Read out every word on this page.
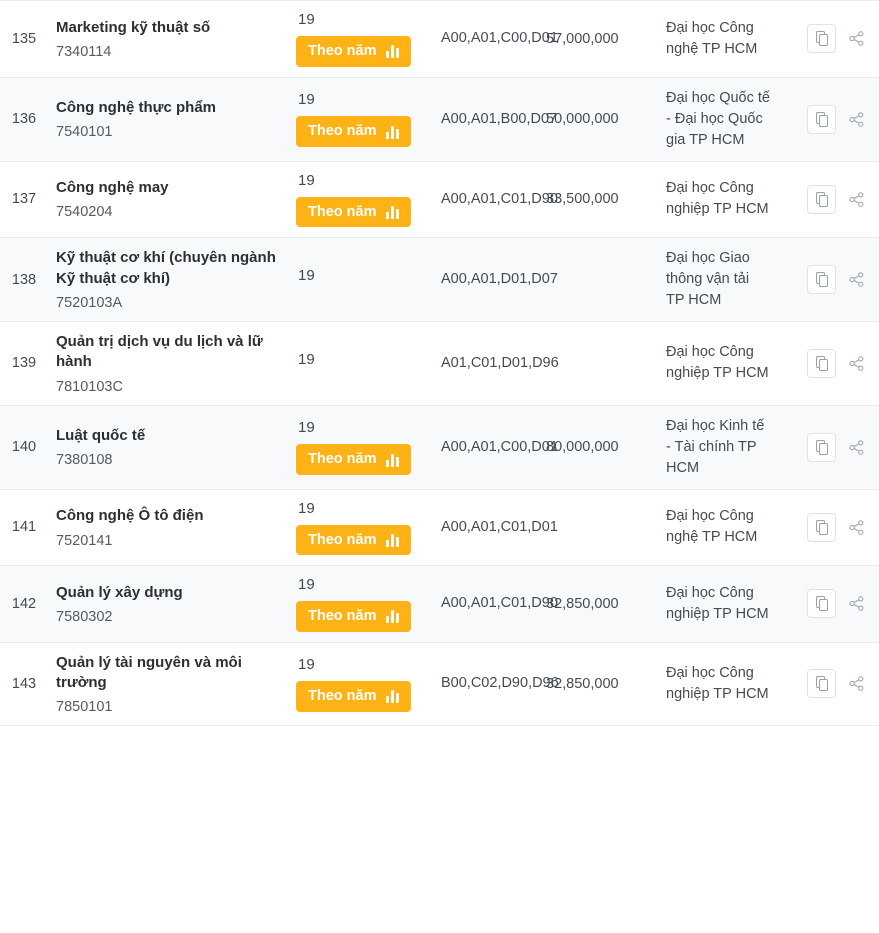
135	
Marketing kỹ thuật số
7340114

19
Theo năm
	A00,A01,C00,D01	57,000,000	Đại học Công nghệ TP HCM	

136	
Công nghệ thực phẩm
7540101

19
Theo năm
	A00,A01,B00,D07	50,000,000	Đại học Quốc tế - Đại học Quốc gia TP HCM	

137	
Công nghệ may
7540204

19
Theo năm
	A00,A01,C01,D90	33,500,000	Đại học Công nghiệp TP HCM	

138	Kỹ thuật cơ khí (chuyên ngành Kỹ thuật cơ khí)
7520103A	19	A00,A01,D01,D07		Đại học Giao thông vận tải TP HCM	

139	Quản trị dịch vụ du lịch và lữ hành
7810103C	19	A01,C01,D01,D96		Đại học Công nghiệp TP HCM	

140	
Luật quốc tế
7380108

19
Theo năm
	A00,A01,C00,D01	80,000,000	Đại học Kinh tế - Tài chính TP HCM	

141	
Công nghệ Ô tô điện
7520141

19
Theo năm
	A00,A01,C01,D01		Đại học Công nghệ TP HCM	

142	
Quản lý xây dựng
7580302

19
Theo năm
	A00,A01,C01,D90	32,850,000	Đại học Công nghiệp TP HCM	

143	
Quản lý tài nguyên và môi trường
7850101

19
Theo năm
	B00,C02,D90,D96	32,850,000	Đại học Công nghiệp TP HCM	
